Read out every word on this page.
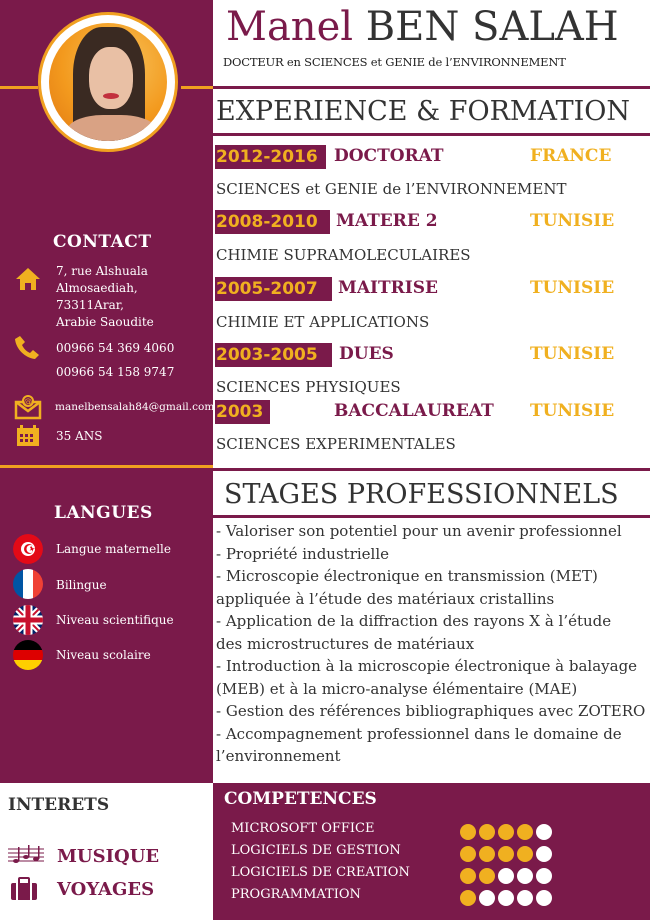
CONTACT
7, rue Alshuala
Almosaediah,
73311Arar,
Arabie Saoudite
00966 54 369 4060
00966 54 158 9747
@ manelbensalah84@gmail.com
35 ANS
LANGUES
Langue maternelle
Bilingue
Niveau scientifique
Niveau scolaire
Manel BEN SALAH
DOCTEUR en SCIENCES et GENIE de l’ENVIRONNEMENT
EXPERIENCE & FORMATION
2012-2016 DOCTORAT	FRANCE
SCIENCES et GENIE de l’ENVIRONNEMENT
2008-2010	MATERE 2	TUNISIE
CHIMIE SUPRAMOLECULAIRES
2005-2007	MAITRISE	TUNISIE
CHIMIE ET APPLICATIONS
2003-2005	DUES	TUNISIE
SCIENCES PHYSIQUES
2003	BACCALAUREAT TUNISIE
SCIENCES EXPERIMENTALES
STAGES PROFESSIONNELS
- Valoriser son potentiel pour un avenir professionnel
- Propriété industrielle
- Microscopie électronique en transmission (MET)
appliquée à l’étude des matériaux cristallins
- Application de la diffraction des rayons X à l’étude
des microstructures de matériaux
- Introduction à la microscopie électronique à balayage
(MEB) et à la micro-analyse élémentaire (MAE)
- Gestion des références bibliographiques avec ZOTERO
- Accompagnement professionnel dans le domaine de
l’environnement
INTERETS
MUSIQUE
VOYAGES
COMPETENCES
MICROSOFT OFFICE
LOGICIELS DE GESTION
LOGICIELS DE CREATION
PROGRAMMATION
